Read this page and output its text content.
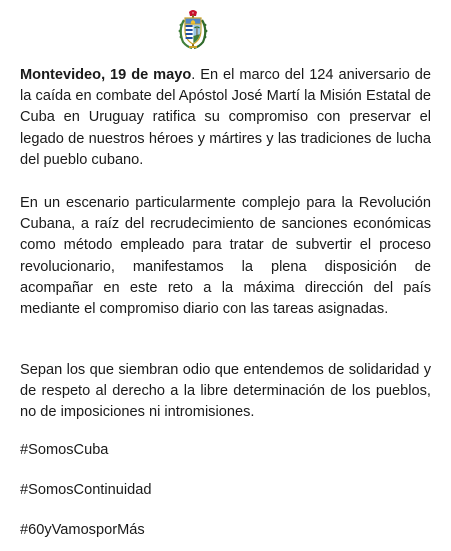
Montevideo, 19 de mayo. En el marco del 124 aniversario de la caída en combate del Apóstol José Martí la Misión Estatal de Cuba en Uruguay ratifica su compromiso con preservar el legado de nuestros héroes y mártires y las tradiciones de lucha del pueblo cubano.

En un escenario particularmente complejo para la Revolución Cubana, a raíz del recrudecimiento de sanciones económicas como método empleado para tratar de subvertir el proceso revolucionario, manifestamos la plena disposición de acompañar en este reto a la máxima dirección del país mediante el compromiso diario con las tareas asignadas.

Sepan los que siembran odio que entendemos de solidaridad y de respeto al derecho a la libre determinación de los pueblos, no de imposiciones ni intromisiones.

#SomosCuba

#SomosContinuidad

#60yVamosporMás
